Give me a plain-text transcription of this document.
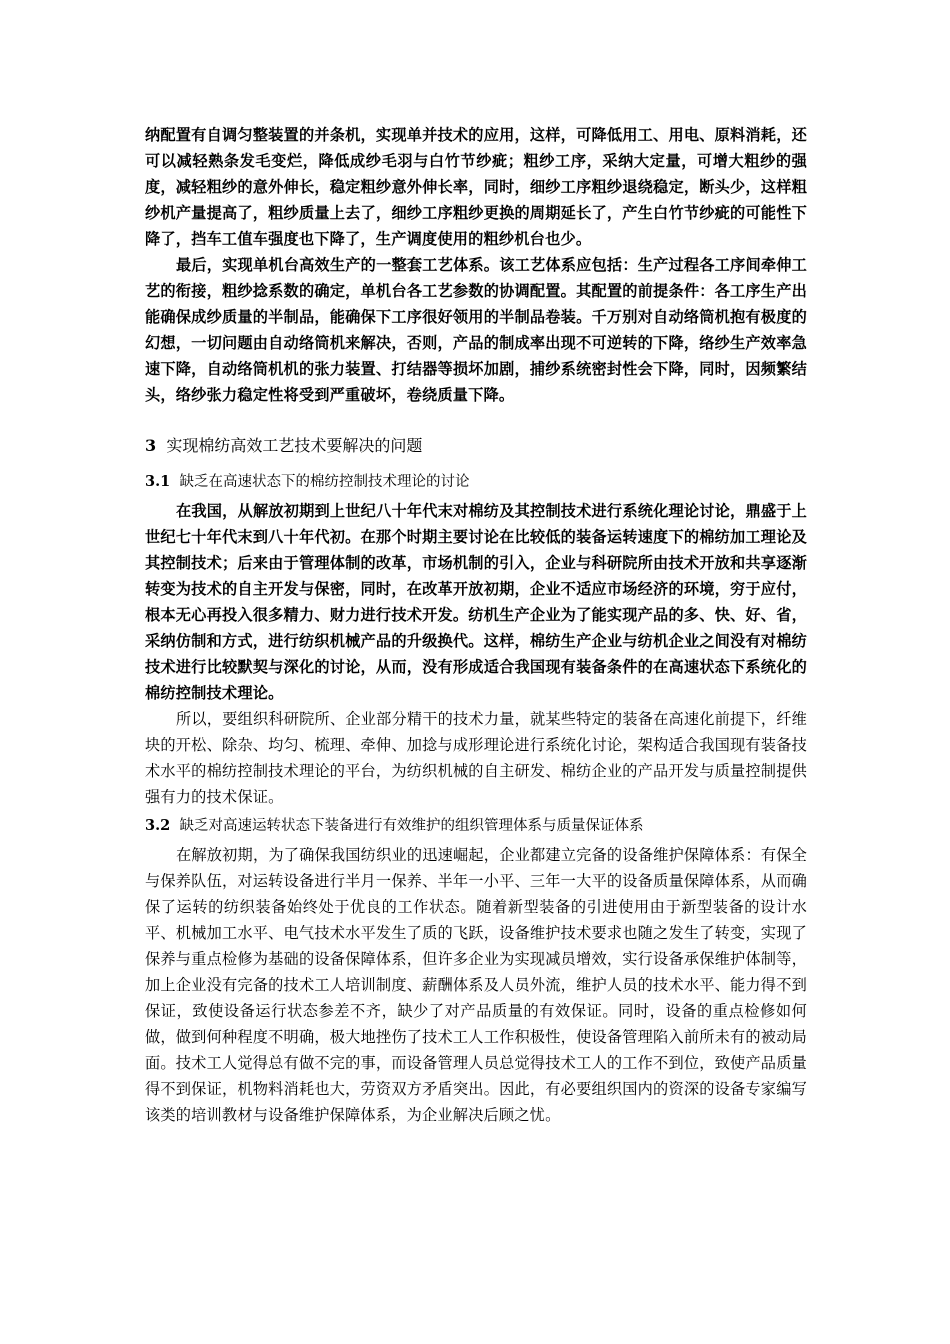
纳配置有自调匀整装置的并条机，实现单并技术的应用，这样，可降低用工、用电、原料消耗，还可以减轻熟条发毛变烂，降低成纱毛羽与白竹节纱疵；粗纱工序，采纳大定量，可增大粗纱的强度，减轻粗纱的意外伸长，稳定粗纱意外伸长率，同时，细纱工序粗纱退绕稳定，断头少，这样粗纱机产量提高了，粗纱质量上去了，细纱工序粗纱更换的周期延长了，产生白竹节纱疵的可能性下降了，挡车工值车强度也下降了，生产调度使用的粗纱机台也少。

最后，实现单机台高效生产的一整套工艺体系。该工艺体系应包括：生产过程各工序间牵伸工艺的衔接，粗纱捻系数的确定，单机台各工艺参数的协调配置。其配置的前提条件：各工序生产出能确保成纱质量的半制品，能确保下工序很好领用的半制品卷装。千万别对自动络筒机抱有极度的幻想，一切问题由自动络筒机来解决，否则，产品的制成率出现不可逆转的下降，络纱生产效率急速下降，自动络筒机机的张力装置、打结器等损坏加剧，捕纱系统密封性会下降，同时，因频繁结头，络纱张力稳定性将受到严重破坏，卷绕质量下降。

3 实现棉纺高效工艺技术要解决的问题
3.1 缺乏在高速状态下的棉纺控制技术理论的讨论

在我国，从解放初期到上世纪八十年代末对棉纺及其控制技术进行系统化理论讨论，鼎盛于上世纪七十年代末到八十年代初。在那个时期主要讨论在比较低的装备运转速度下的棉纺加工理论及其控制技术；后来由于管理体制的改革，市场机制的引入，企业与科研院所由技术开放和共享逐渐转变为技术的自主开发与保密，同时，在改革开放初期，企业不适应市场经济的环境，穷于应付，根本无心再投入很多精力、财力进行技术开发。纺机生产企业为了能实现产品的多、快、好、省，采纳仿制和方式，进行纺织机械产品的升级换代。这样，棉纺生产企业与纺机企业之间没有对棉纺技术进行比较默契与深化的讨论，从而，没有形成适合我国现有装备条件的在高速状态下系统化的棉纺控制技术理论。

所以，要组织科研院所、企业部分精干的技术力量，就某些特定的装备在高速化前提下，纤维块的开松、除杂、均匀、梳理、牵伸、加捻与成形理论进行系统化讨论，架构适合我国现有装备技术水平的棉纺控制技术理论的平台，为纺织机械的自主研发、棉纺企业的产品开发与质量控制提供强有力的技术保证。

3.2 缺乏对高速运转状态下装备进行有效维护的组织管理体系与质量保证体系

在解放初期，为了确保我国纺织业的迅速崛起，企业都建立完备的设备维护保障体系：有保全与保养队伍，对运转设备进行半月一保养、半年一小平、三年一大平的设备质量保障体系，从而确保了运转的纺织装备始终处于优良的工作状态。随着新型装备的引进使用由于新型装备的设计水平、机械加工水平、电气技术水平发生了质的飞跃，设备维护技术要求也随之发生了转变，实现了保养与重点检修为基础的设备保障体系，但许多企业为实现减员增效，实行设备承保维护体制等，加上企业没有完备的技术工人培训制度、薪酬体系及人员外流，维护人员的技术水平、能力得不到保证，致使设备运行状态参差不齐，缺少了对产品质量的有效保证。同时，设备的重点检修如何做，做到何种程度不明确，极大地挫伤了技术工人工作积极性，使设备管理陷入前所未有的被动局面。技术工人觉得总有做不完的事，而设备管理人员总觉得技术工人的工作不到位，致使产品质量得不到保证，机物料消耗也大，劳资双方矛盾突出。因此，有必要组织国内的资深的设备专家编写该类的培训教材与设备维护保障体系，为企业解决后顾之忧。
